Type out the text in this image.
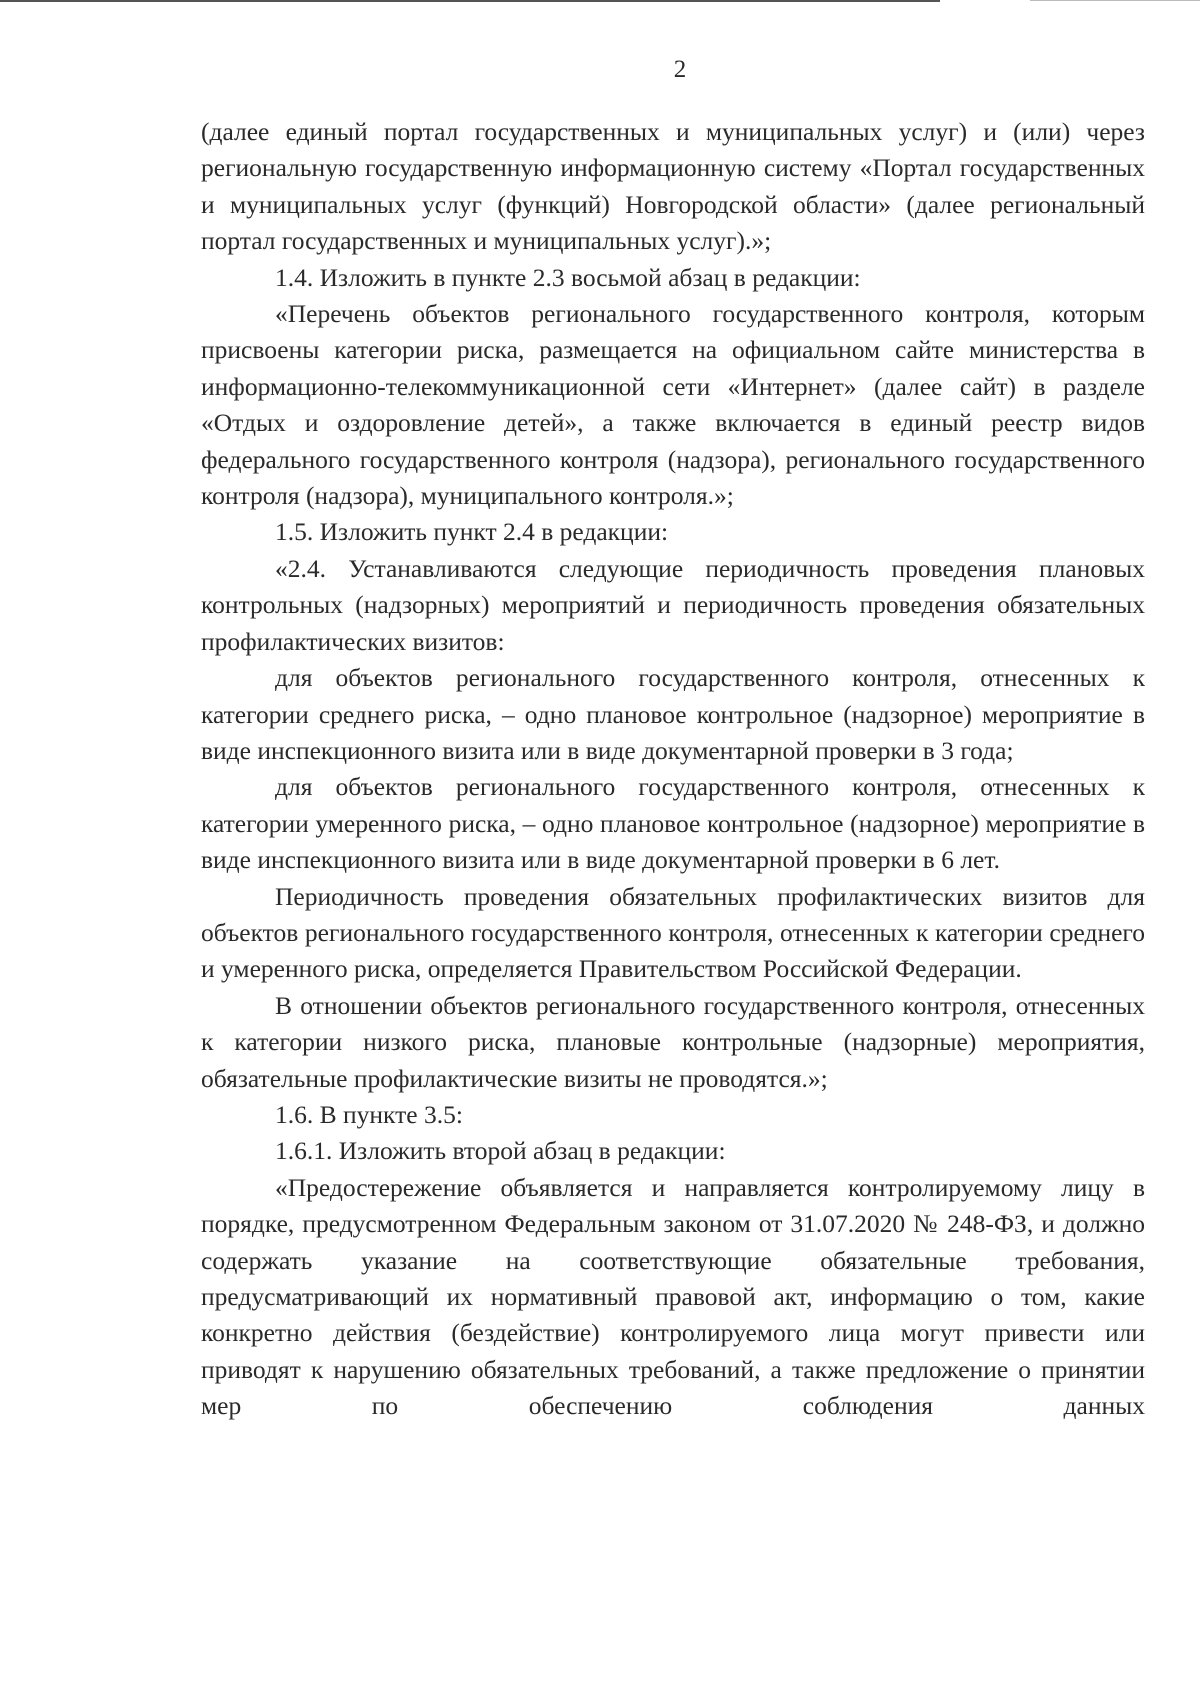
2

(далее единый портал государственных и муниципальных услуг) и (или) через региональную государственную информационную систему «Портал государственных и муниципальных услуг (функций) Новгородской области» (далее региональный портал государственных и муниципальных услуг).»;

1.4. Изложить в пункте 2.3 восьмой абзац в редакции:

«Перечень объектов регионального государственного контроля, которым присвоены категории риска, размещается на официальном сайте министерства в информационно-телекоммуникационной сети «Интернет» (далее сайт) в разделе «Отдых и оздоровление детей», а также включается в единый реестр видов федерального государственного контроля (надзора), регионального государственного контроля (надзора), муниципального контроля.»;

1.5. Изложить пункт 2.4 в редакции:

«2.4. Устанавливаются следующие периодичность проведения плановых контрольных (надзорных) мероприятий и периодичность проведения обязательных профилактических визитов:

для объектов регионального государственного контроля, отнесенных к категории среднего риска, – одно плановое контрольное (надзорное) мероприятие в виде инспекционного визита или в виде документарной проверки в 3 года;

для объектов регионального государственного контроля, отнесенных к категории умеренного риска, – одно плановое контрольное (надзорное) мероприятие в виде инспекционного визита или в виде документарной проверки в 6 лет.

Периодичность проведения обязательных профилактических визитов для объектов регионального государственного контроля, отнесенных к категории среднего и умеренного риска, определяется Правительством Российской Федерации.

В отношении объектов регионального государственного контроля, отнесенных к категории низкого риска, плановые контрольные (надзорные) мероприятия, обязательные профилактические визиты не проводятся.»;

1.6. В пункте 3.5:

1.6.1. Изложить второй абзац в редакции:

«Предостережение объявляется и направляется контролируемому лицу в порядке, предусмотренном Федеральным законом от 31.07.2020 № 248-ФЗ, и должно содержать указание на соответствующие обязательные требования, предусматривающий их нормативный правовой акт, информацию о том, какие конкретно действия (бездействие) контролируемого лица могут привести или приводят к нарушению обязательных требований, а также предложение о принятии мер по обеспечению соблюдения данных
